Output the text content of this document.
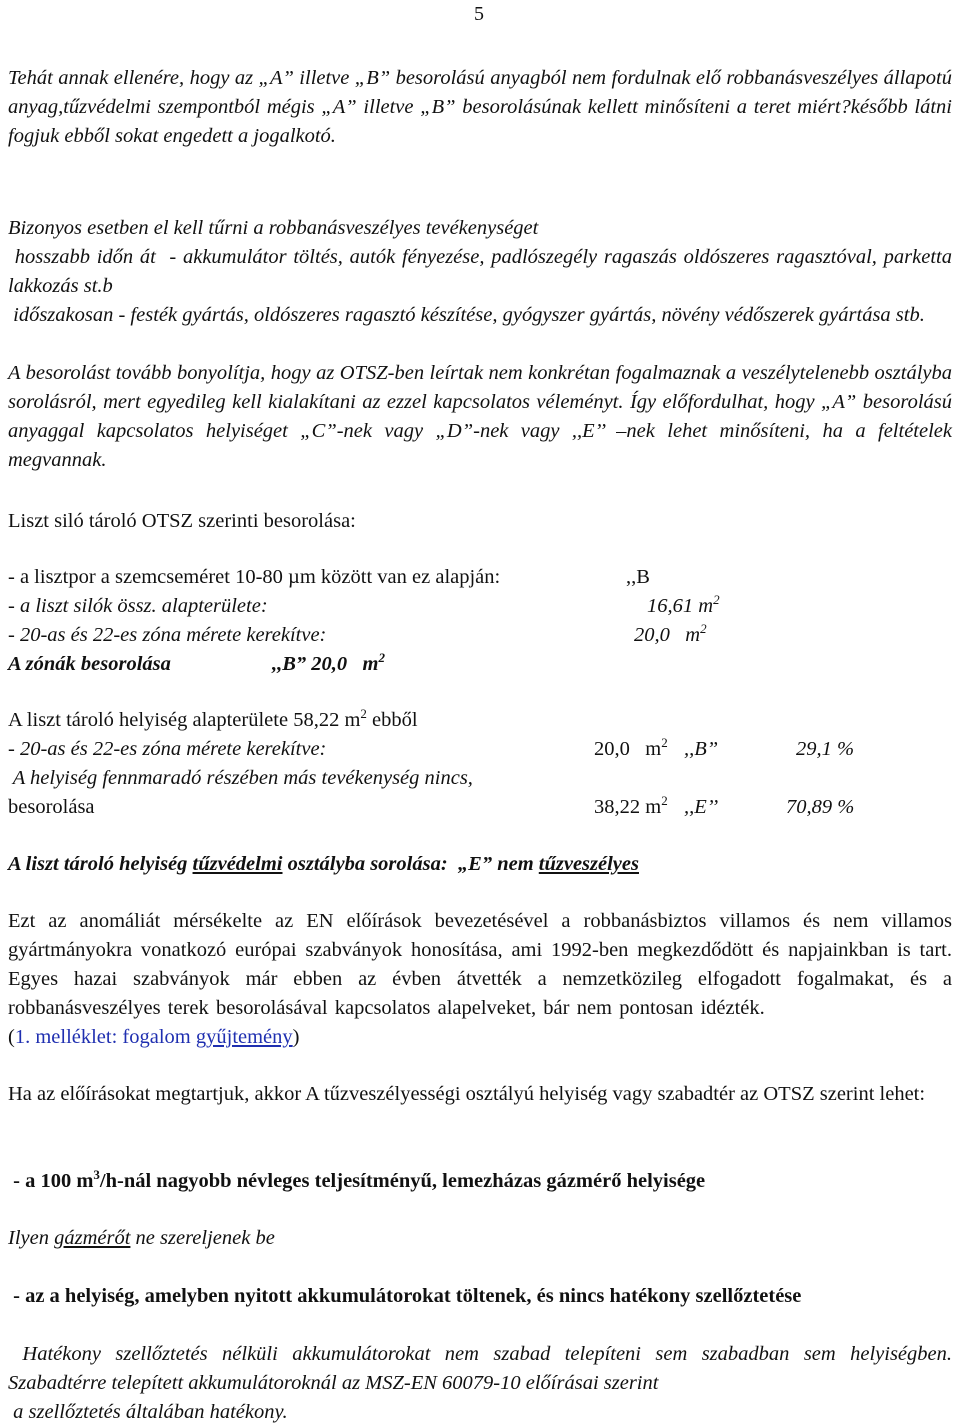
5
Tehát annak ellenére, hogy az „A” illetve „B” besorolású anyagból nem fordulnak elő robbanásveszélyes állapotú anyag,tűzvédelmi szempontból mégis „A” illetve „B” besorolásúnak kellett minősíteni a teret miért?később látni fogjuk ebből sokat engedett a jogalkotó.
Bizonyos esetben el kell tűrni a robbanásveszélyes tevékenységet
hosszabb időn át  - akkumulátor töltés, autók fényezése, padlószegély ragaszás oldószeres ragasztóval, parketta lakkozás st.b
időszakosan - festék gyártás, oldószeres ragasztó készítése, gyógyszer gyártás, növény védőszerek gyártása stb.
A besorolást tovább bonyolítja, hogy az OTSZ-ben leírtak nem konkrétan fogalmaznak a veszélytelenebb osztályba sorolásról, mert egyedileg kell kialakítani az ezzel kapcsolatos véleményt. Így előfordulhat, hogy „A” besorolású anyaggal kapcsolatos helyiséget „C”-nek vagy „D”-nek vagy ,,E’’ –nek lehet minősíteni, ha a feltételek megvannak.
Liszt siló tároló OTSZ szerinti besorolása:
- a lisztpor a szemcseméret 10-80 µm között van ez alapján:	,,B
- a liszt silók össz. alapterülete:	16,61 $m^2$
- 20-as és 22-es zóna mérete kerekítve:	20,0   $m^2$
A zónák besorolása	,,B” 20,0   $m^2$
A liszt tároló helyiség alapterülete 58,22 $m^2$ ebből
- 20-as és 22-es zóna mérete kerekítve:	20,0   $m^2$ ,,B”	29,1 %
A helyiség fennmaradó részében más tevékenység nincs,
besorolása	38,22 $m^2$ ,,E’’	70,89 %
A liszt tároló helyiség tűzvédelmi osztályba sorolása:  „E” nem tűzveszélyes
Ezt az anomáliát mérsékelte az EN előírások bevezetésével a robbanásbiztos villamos és nem villamos gyártmányokra vonatkozó európai szabványok honosítása, ami 1992-ben megkezdődött és napjainkban is tart. Egyes hazai szabványok már ebben az évben átvették a nemzetközileg elfogadott fogalmakat, és a robbanásveszélyes terek besorolásával kapcsolatos alapelveket, bár nem pontosan idézték. (1. melléklet: fogalom gyűjtemény)
Ha az előírásokat megtartjuk, akkor A tűzveszélyességi osztályú helyiség vagy szabadtér az OTSZ szerint lehet:
- a 100 $m^3/h$-nál nagyobb névleges teljesítményű, lemezházas gázmérő helyisége
Ilyen gázmérőt ne szereljenek be
- az a helyiség, amelyben nyitott akkumulátorokat töltenek, és nincs hatékony szellőztetése
Hatékony szellőztetés nélküli akkumulátorokat nem szabad telepíteni sem szabadban sem helyiségben. Szabadtérre telepített akkumulátoroknál az MSZ-EN 60079-10 előírásai szerint
a szellőztetés általában hatékony.
